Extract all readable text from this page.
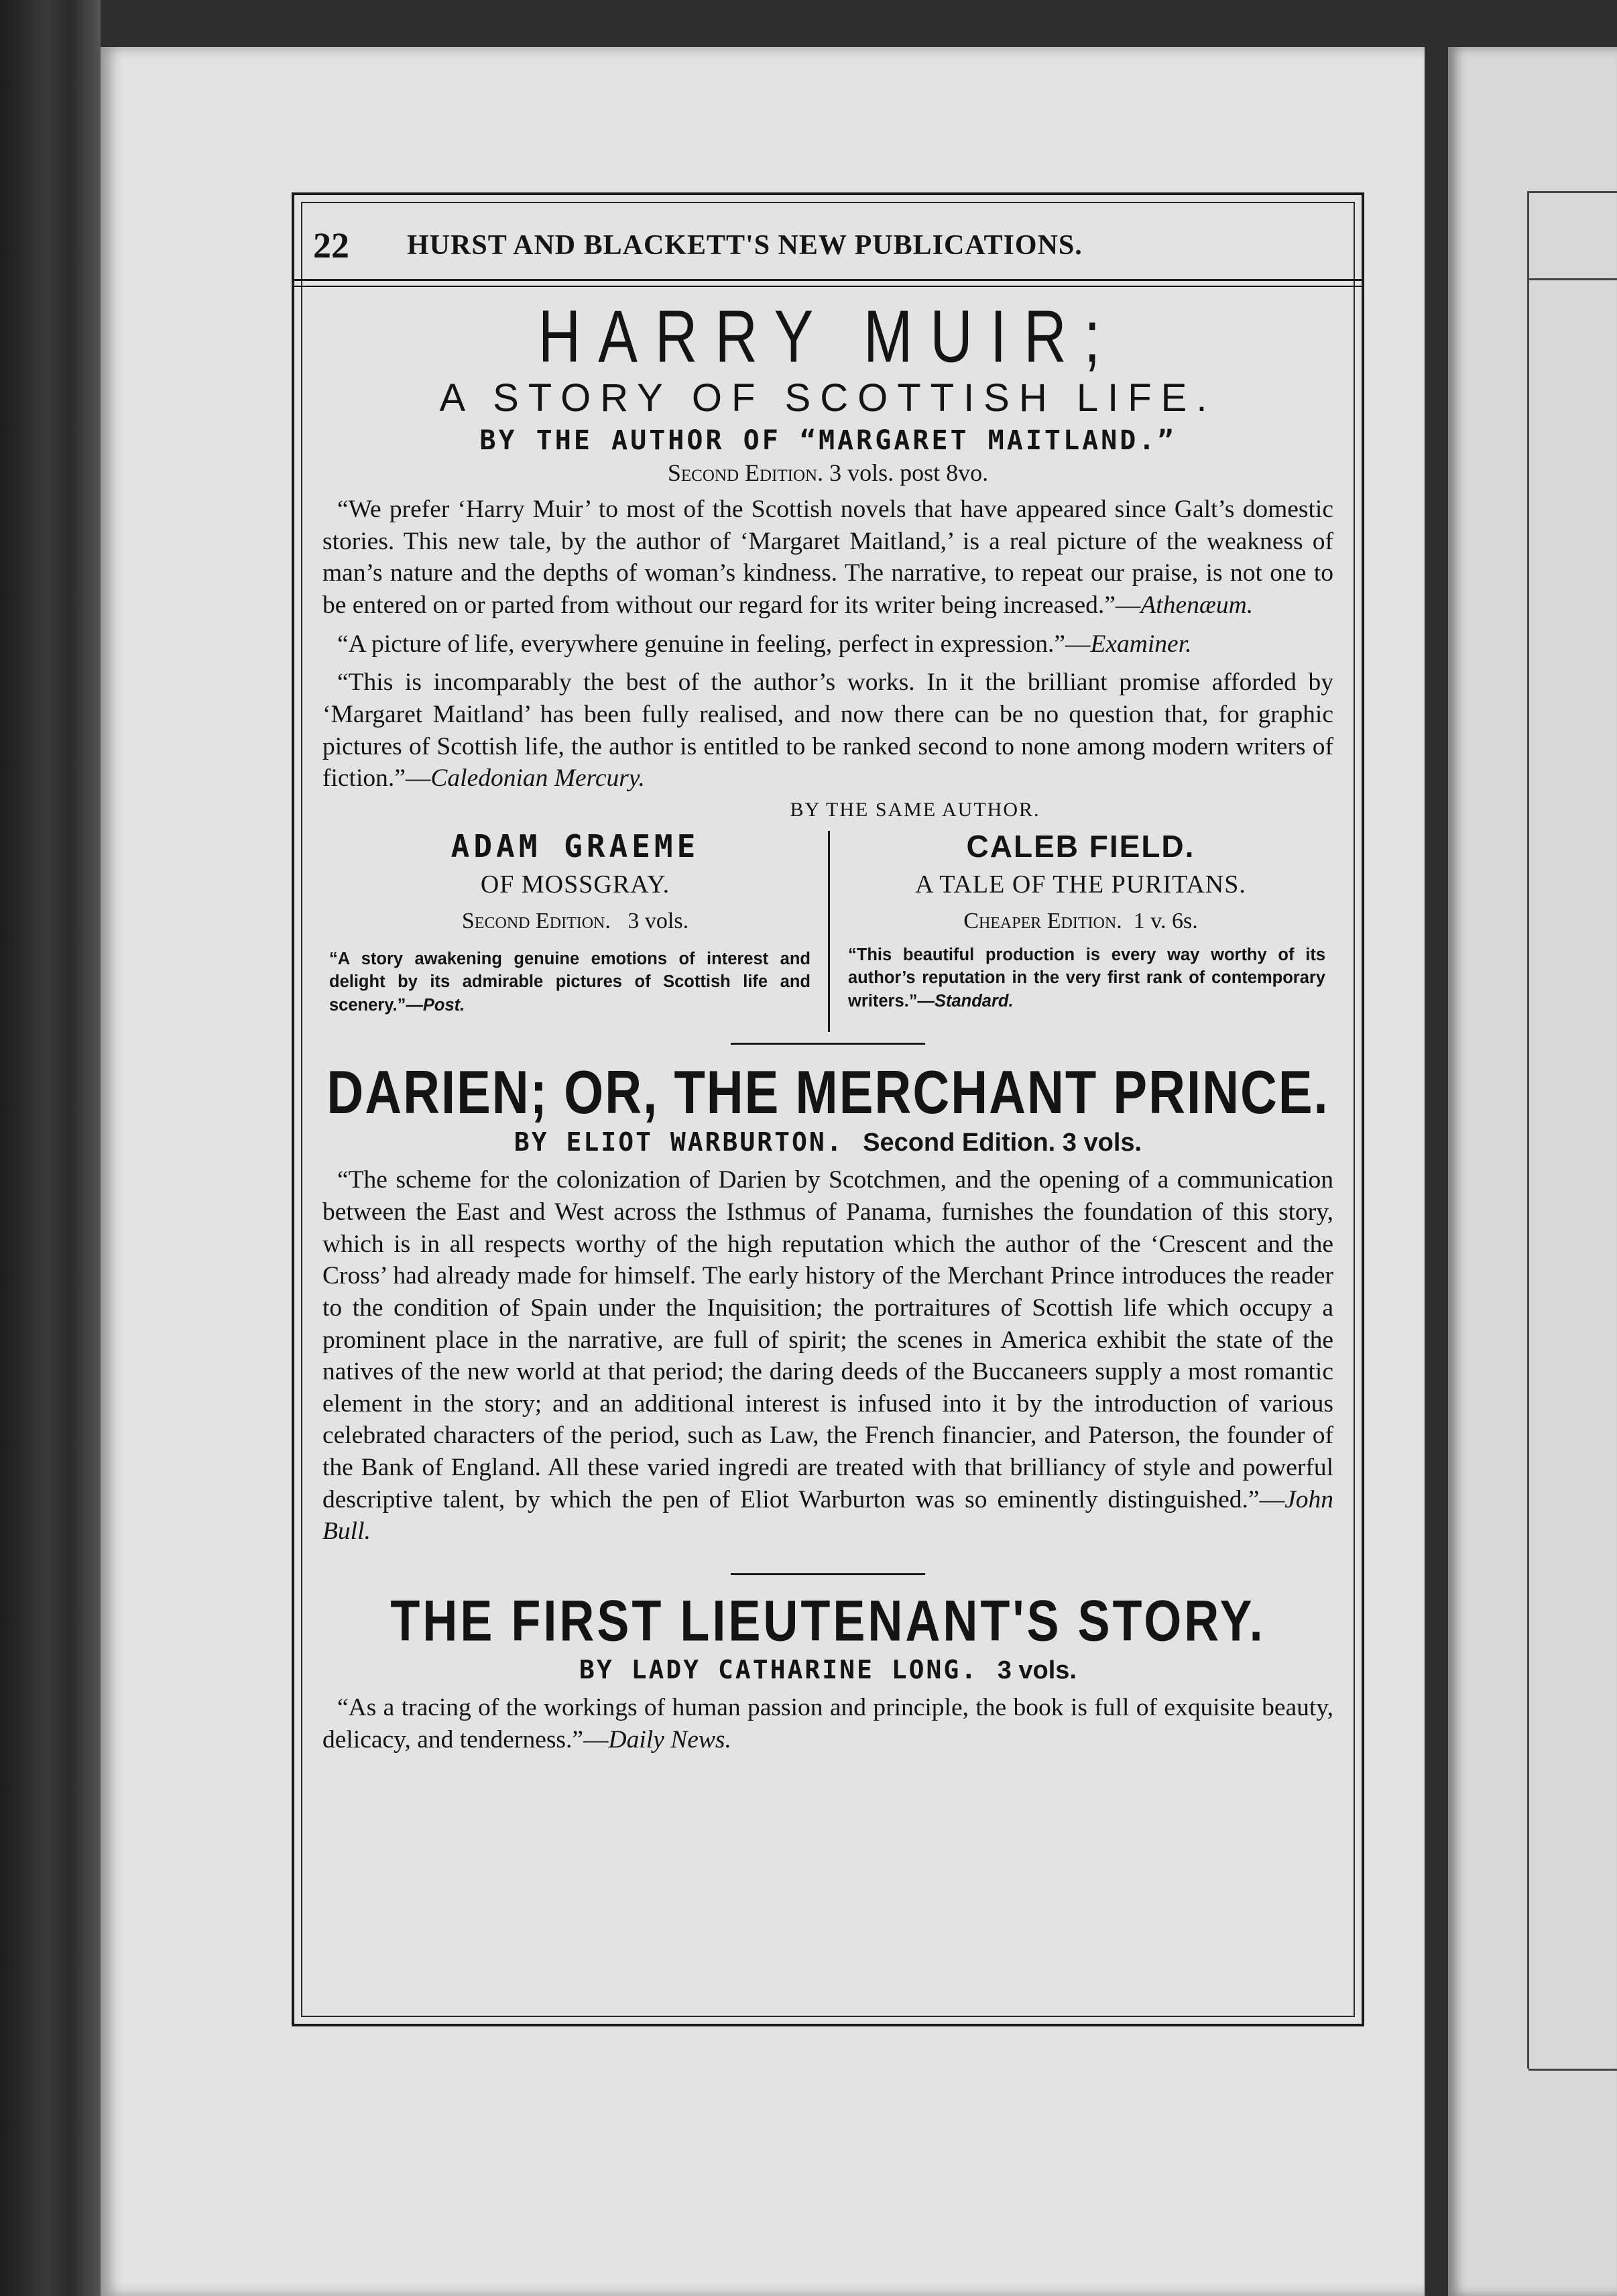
22	HURST AND BLACKETT'S NEW PUBLICATIONS.
HARRY MUIR;
A STORY OF SCOTTISH LIFE.
BY THE AUTHOR OF “MARGARET MAITLAND.”
Second Edition. 3 vols. post 8vo.

“We prefer ‘Harry Muir’ to most of the Scottish novels that have appeared since Galt’s domestic stories. This new tale, by the author of ‘Margaret Maitland,’ is a real picture of the weakness of man’s nature and the depths of woman’s kindness. The narrative, to repeat our praise, is not one to be entered on or parted from without our regard for its writer being increased.”—Athenæum.

“A picture of life, everywhere genuine in feeling, perfect in expression.”—Examiner.

“This is incomparably the best of the author’s works. In it the brilliant promise afforded by ‘Margaret Maitland’ has been fully realised, and now there can be no question that, for graphic pictures of Scottish life, the author is entitled to be ranked second to none among modern writers of fiction.”—Caledonian Mercury.

BY THE SAME AUTHOR.
ADAM GRAEME
OF MOSSGRAY.
Second Edition. 3 vols.

“A story awakening genuine emotions of interest and delight by its admirable pictures of Scottish life and scenery.”—Post.

CALEB FIELD.
A TALE OF THE PURITANS.
Cheaper Edition. 1 v. 6s.

“This beautiful production is every way worthy of its author’s reputation in the very first rank of contemporary writers.”—Standard.

DARIEN; OR, THE MERCHANT PRINCE.
BY ELIOT WARBURTON. Second Edition. 3 vols.

“The scheme for the colonization of Darien by Scotchmen, and the opening of a communication between the East and West across the Isthmus of Panama, furnishes the foundation of this story, which is in all respects worthy of the high reputation which the author of the ‘Crescent and the Cross’ had already made for himself. The early history of the Merchant Prince introduces the reader to the condition of Spain under the Inquisition; the portraitures of Scottish life which occupy a prominent place in the narrative, are full of spirit; the scenes in America exhibit the state of the natives of the new world at that period; the daring deeds of the Buccaneers supply a most romantic element in the story; and an additional interest is infused into it by the introduction of various celebrated characters of the period, such as Law, the French financier, and Paterson, the founder of the Bank of England. All these varied ingredi are treated with that brilliancy of style and powerful descriptive talent, by which the pen of Eliot Warburton was so eminently distinguished.”—John Bull.

THE FIRST LIEUTENANT'S STORY.
BY LADY CATHARINE LONG. 3 vols.

“As a tracing of the workings of human passion and principle, the book is full of exquisite beauty, delicacy, and tenderness.”—Daily News.
